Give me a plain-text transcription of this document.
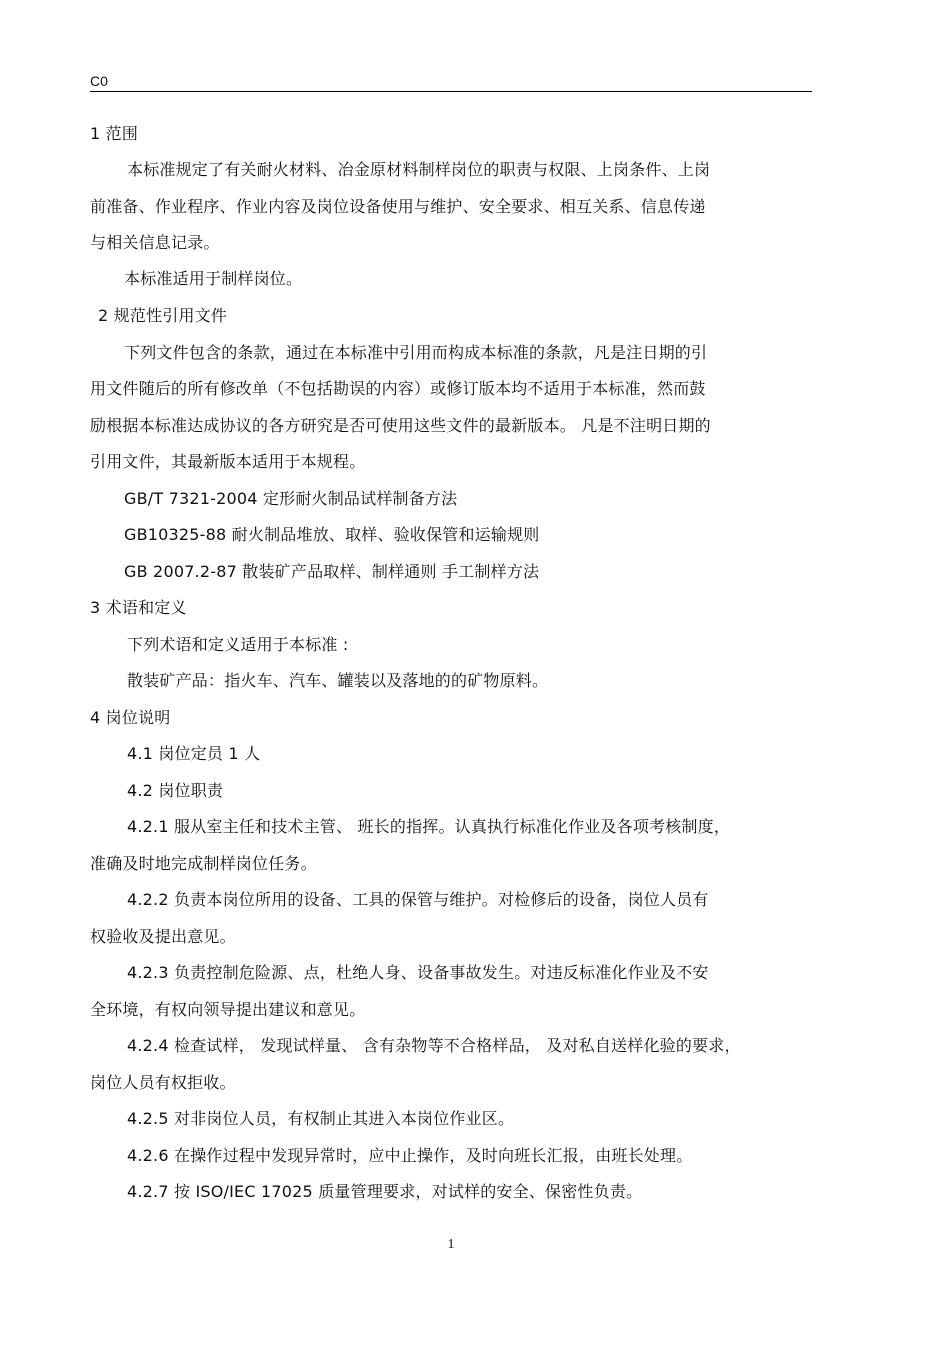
C0
1 范围
本标准规定了有关耐火材料、冶金原材料制样岗位的职责与权限、上岗条件、上岗
前准备、作业程序、作业内容及岗位设备使用与维护、安全要求、相互关系、信息传递
与相关信息记录。
本标准适用于制样岗位。
2 规范性引用文件
下列文件包含的条款，通过在本标准中引用而构成本标准的条款，凡是注日期的引
用文件随后的所有修改单（不包括勘误的内容）或修订版本均不适用于本标准，然而鼓
励根据本标准达成协议的各方研究是否可使用这些文件的最新版本。 凡是不注明日期的
引用文件，其最新版本适用于本规程。
GB/T 7321-2004 定形耐火制品试样制备方法
GB10325-88 耐火制品堆放、取样、验收保管和运输规则
GB 2007.2-87 散装矿产品取样、制样通则 手工制样方法
3 术语和定义
下列术语和定义适用于本标准 :
散装矿产品：指火车、汽车、罐装以及落地的的矿物原料。
4 岗位说明
4.1 岗位定员 1 人
4.2 岗位职责
4.2.1 服从室主任和技术主管、 班长的指挥。认真执行标准化作业及各项考核制度，
准确及时地完成制样岗位任务。
4.2.2 负责本岗位所用的设备、工具的保管与维护。对检修后的设备，岗位人员有
权验收及提出意见。
4.2.3 负责控制危险源、点，杜绝人身、设备事故发生。对违反标准化作业及不安
全环境，有权向领导提出建议和意见。
4.2.4 检查试样， 发现试样量、 含有杂物等不合格样品， 及对私自送样化验的要求，
岗位人员有权拒收。
4.2.5 对非岗位人员，有权制止其进入本岗位作业区。
4.2.6 在操作过程中发现异常时，应中止操作，及时向班长汇报，由班长处理。
4.2.7 按 ISO/IEC 17025 质量管理要求，对试样的安全、保密性负责。
1
